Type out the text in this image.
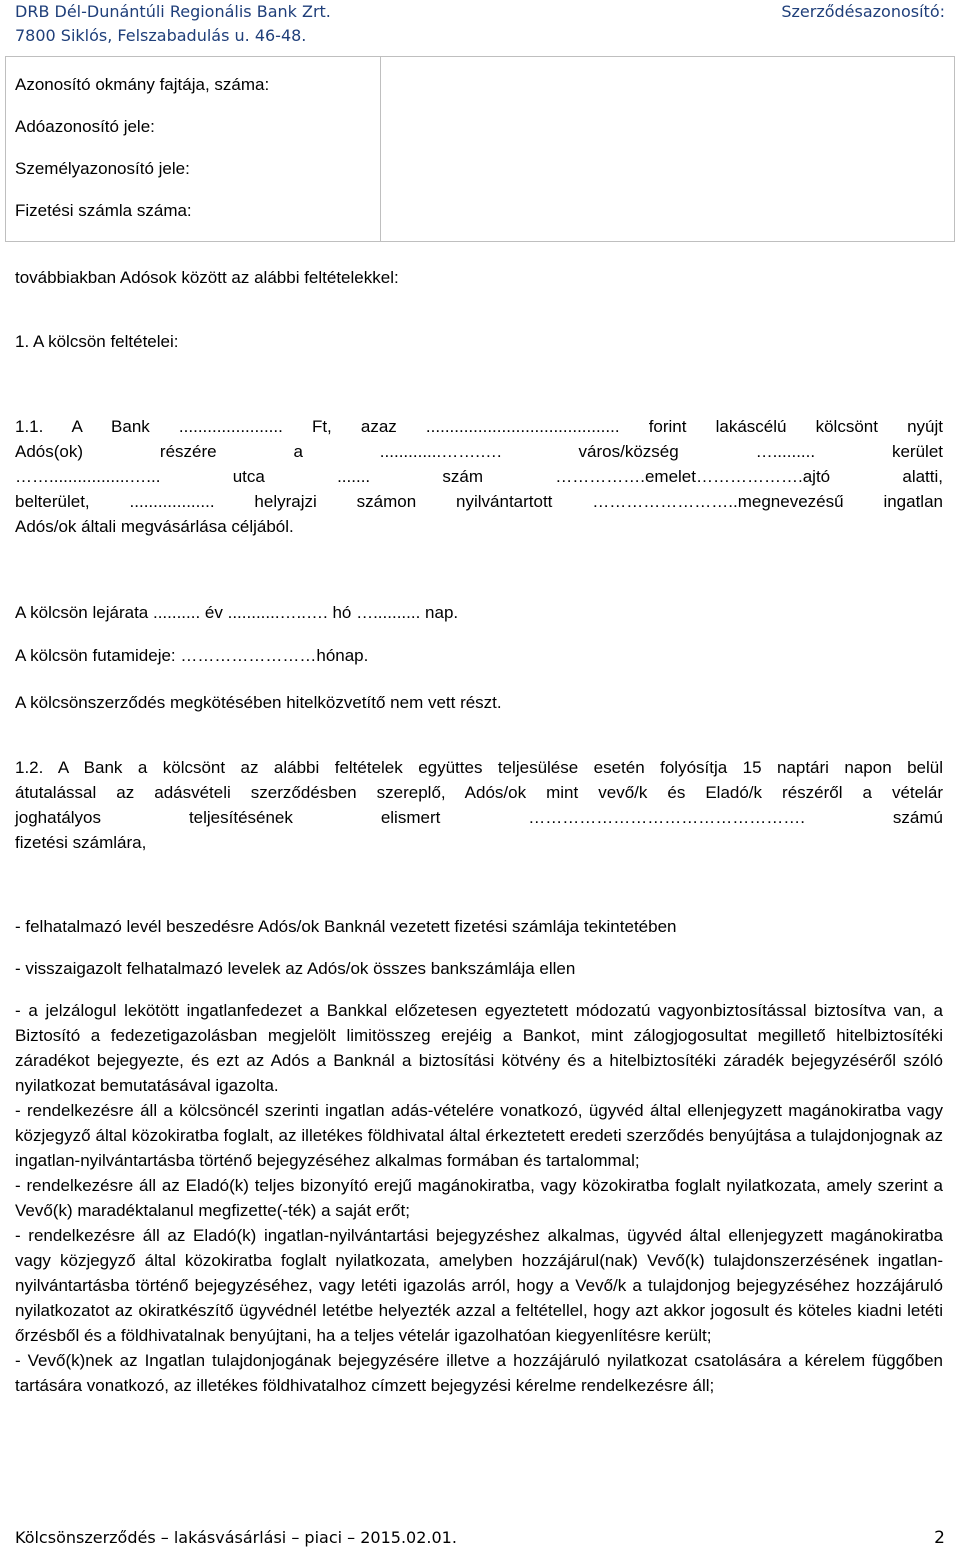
DRB Dél-Dunántúli Regionális Bank Zrt.
7800 Siklós, Felszabadulás u. 46-48.
Szerződésazonosító:
Azonosító okmány fajtája, száma:
Adóazonosító jele:
Személyazonosító jele:
Fizetési számla száma:
továbbiakban Adósok között az alábbi feltételekkel:
1. A kölcsön feltételei:
1.1. A Bank ...................... Ft, azaz ......................................... forint lakáscélú kölcsönt nyújt
Adós(ok) részére a .............…….…. város/község …......... kerület
…….................…... utca ....... szám …………….emelet……………….ajtó alatti,
belterület, .................. helyrajzi számon nyilvántartott ……………………..megnevezésű ingatlan
Adós/ok általi megvásárlása céljából.
A kölcsön lejárata .......... év ...........…..…. hó ….......... nap.
A kölcsön futamideje: ……………………hónap.
A kölcsönszerződés megkötésében hitelközvetítő nem vett részt.
1.2. A Bank a kölcsönt az alábbi feltételek együttes teljesülése esetén folyósítja 15 naptári napon belül
átutalással az adásvételi szerződésben szereplő, Adós/ok mint vevő/k és Eladó/k részéről a vételár
joghatályos teljesítésének elismert …………………………………………. számú
fizetési számlára,
- felhatalmazó levél beszedésre Adós/ok Banknál vezetett fizetési számlája tekintetében
- visszaigazolt felhatalmazó levelek az Adós/ok összes bankszámlája ellen
- a jelzálogul lekötött ingatlanfedezet a Bankkal előzetesen egyeztetett módozatú vagyonbiztosítással biztosítva van, a Biztosító a fedezetigazolásban megjelölt limitösszeg erejéig a Bankot, mint zálogjogosultat megillető hitelbiztosítéki záradékot bejegyezte, és ezt az Adós a Banknál a biztosítási kötvény és a hitelbiztosítéki záradék bejegyzéséről szóló nyilatkozat bemutatásával igazolta.
- rendelkezésre áll a kölcsöncél szerinti ingatlan adás-vételére vonatkozó, ügyvéd által ellenjegyzett magánokiratba vagy közjegyző által közokiratba foglalt, az illetékes földhivatal által érkeztetett eredeti szerződés benyújtása a tulajdonjognak az ingatlan-nyilvántartásba történő bejegyzéséhez alkalmas formában és tartalommal;
- rendelkezésre áll az Eladó(k) teljes bizonyító erejű magánokiratba, vagy közokiratba foglalt nyilatkozata, amely szerint a Vevő(k) maradéktalanul megfizette(-ték) a saját erőt;
- rendelkezésre áll az Eladó(k) ingatlan-nyilvántartási bejegyzéshez alkalmas, ügyvéd által ellenjegyzett magánokiratba vagy közjegyző által közokiratba foglalt nyilatkozata, amelyben hozzájárul(nak) Vevő(k) tulajdonszerzésének ingatlan-nyilvántartásba történő bejegyzéséhez, vagy letéti igazolás arról, hogy a Vevő/k a tulajdonjog bejegyzéséhez hozzájáruló nyilatkozatot az okiratkészítő ügyvédnél letétbe helyezték azzal a feltétellel, hogy azt akkor jogosult és köteles kiadni letéti őrzésből és a földhivatalnak benyújtani, ha a teljes vételár igazolhatóan kiegyenlítésre került;
- Vevő(k)nek az Ingatlan tulajdonjogának bejegyzésére illetve a hozzájáruló nyilatkozat csatolására a kérelem függőben tartására vonatkozó, az illetékes földhivatalhoz címzett bejegyzési kérelme rendelkezésre áll;
Kölcsönszerződés – lakásvásárlási – piaci – 2015.02.01.	2
